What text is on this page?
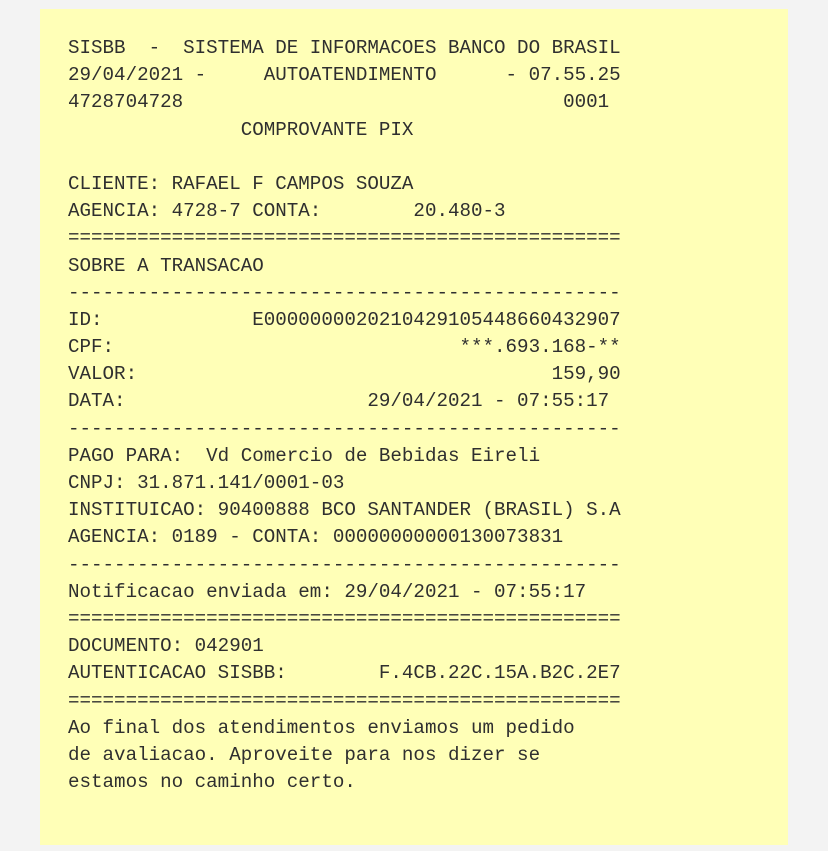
SISBB  -  SISTEMA DE INFORMACOES BANCO DO BRASIL
29/04/2021 -     AUTOATENDIMENTO      - 07.55.25
4728704728                                 0001
COMPROVANTE PIX
CLIENTE: RAFAEL F CAMPOS SOUZA
AGENCIA: 4728-7 CONTA:        20.480-3
================================================
SOBRE A TRANSACAO
------------------------------------------------
ID:             E0000000020210429105448660432907
CPF:                              ***.693.168-**
VALOR:                                    159,90
DATA:                     29/04/2021 - 07:55:17
------------------------------------------------
PAGO PARA:  Vd Comercio de Bebidas Eireli
CNPJ: 31.871.141/0001-03
INSTITUICAO: 90400888 BCO SANTANDER (BRASIL) S.A
AGENCIA: 0189 - CONTA: 00000000000130073831
------------------------------------------------
Notificacao enviada em: 29/04/2021 - 07:55:17
================================================
DOCUMENTO: 042901
AUTENTICACAO SISBB:        F.4CB.22C.15A.B2C.2E7
================================================
Ao final dos atendimentos enviamos um pedido
de avaliacao. Aproveite para nos dizer se
estamos no caminho certo.
